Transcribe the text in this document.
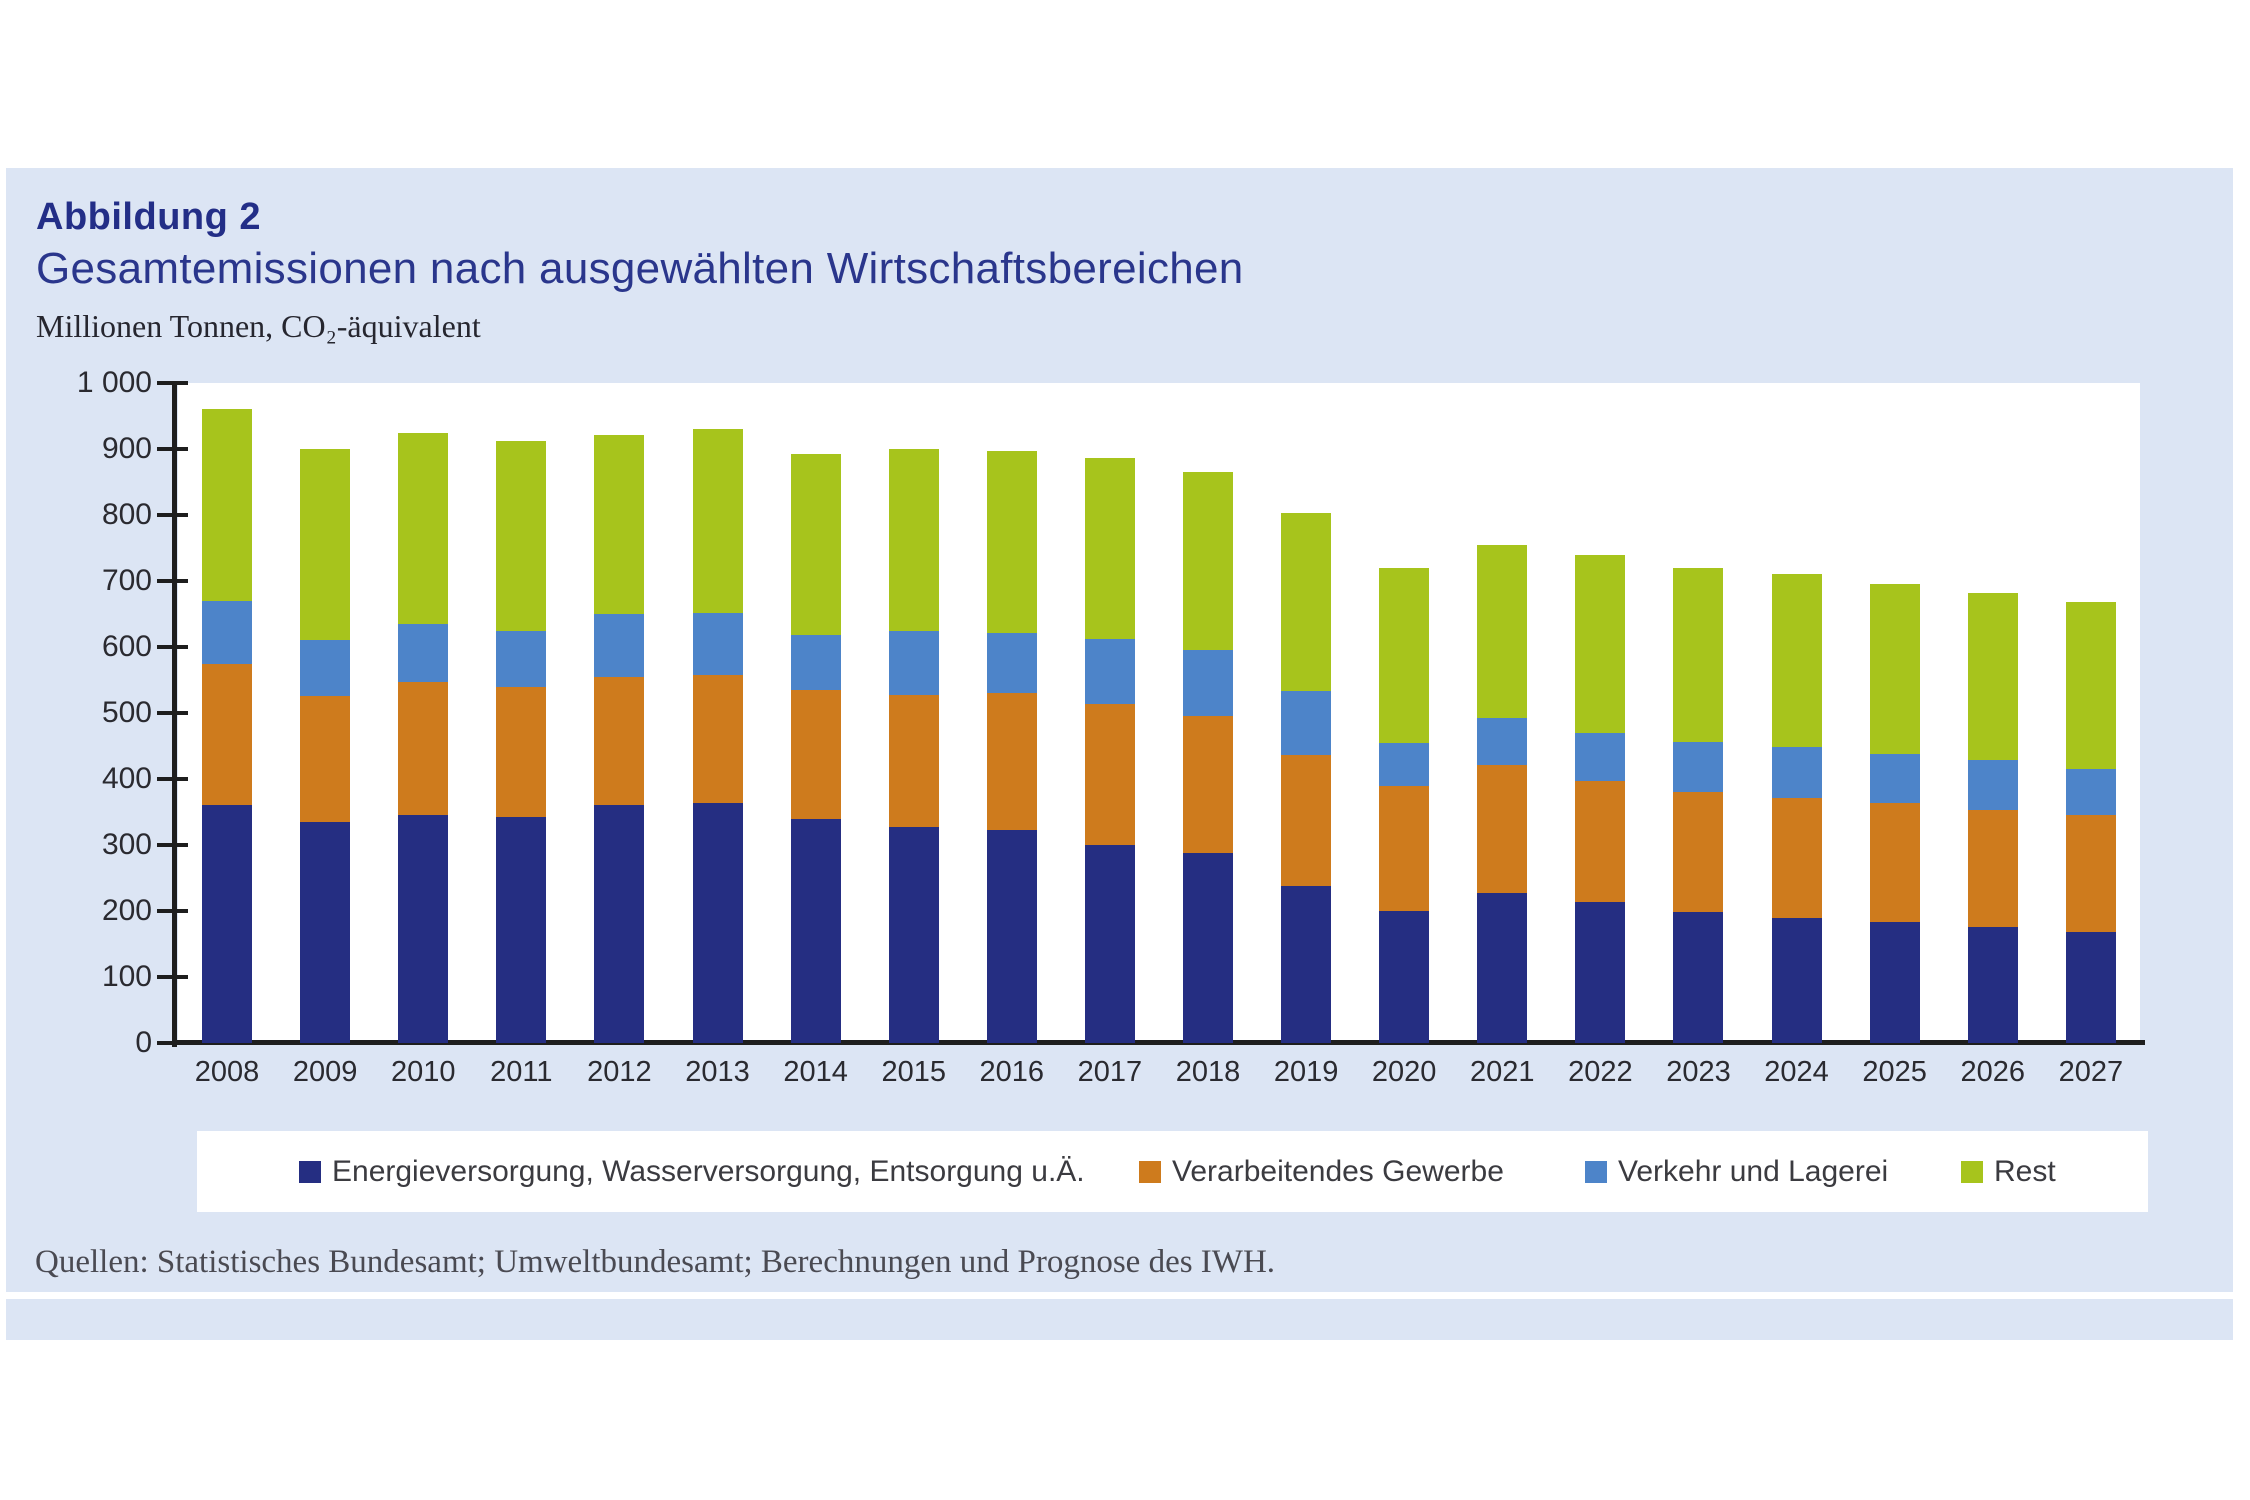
Abbildung 2
Gesamtemissionen nach ausgewählten Wirtschaftsbereichen
Millionen Tonnen, CO₂-äquivalent
0
100
200
300
400
500
600
700
800
900
1 000
2008	2009	2010	2011	2012	2013	2014	2015	2016	2017	2018	2019	2020	2021	2022	2023	2024	2025	2026	2027
Energieversorgung, Wasserversorgung, Entsorgung u.Ä.	Verarbeitendes Gewerbe	Verkehr und Lagerei	Rest
Quellen: Statistisches Bundesamt; Umweltbundesamt; Berechnungen und Prognose des IWH.
